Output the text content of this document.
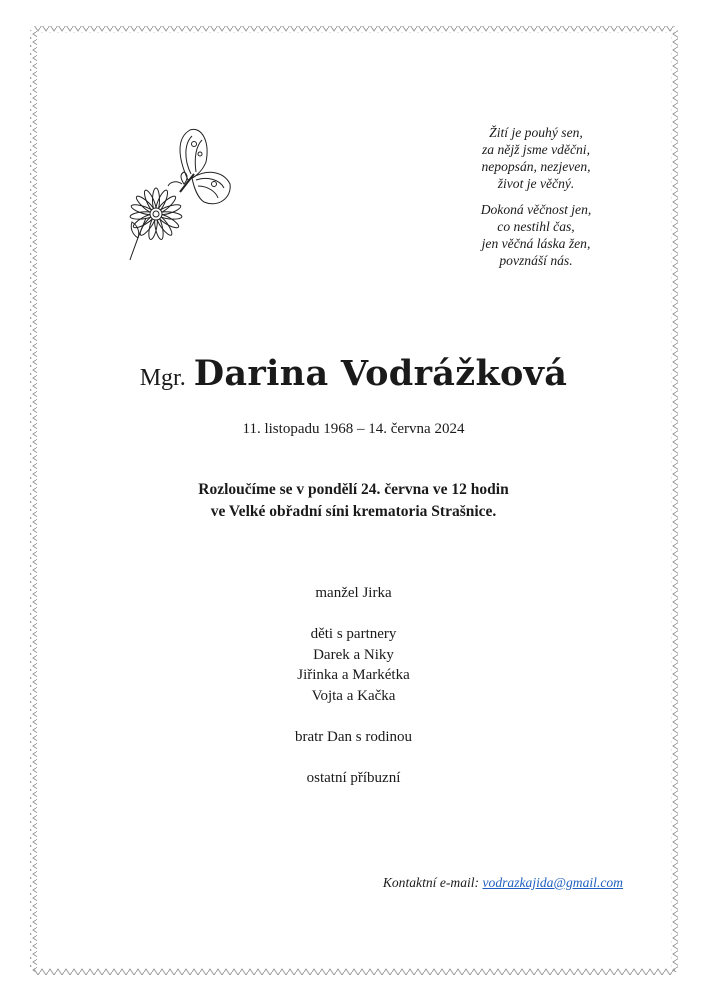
Žití je pouhý sen,
za nějž jsme vděčni,
nepopsán, nezjeven,
život je věčný.
Dokoná věčnost jen,
co nestihl čas,
jen věčná láska žen,
povznáší nás.
Mgr. Darina Vodrážková
11. listopadu 1968 – 14. června 2024
Rozloučíme se v pondělí 24. června ve 12 hodin
ve Velké obřadní síni krematoria Strašnice.
manžel Jirka
děti s partnery
Darek a Niky
Jiřinka a Markétka
Vojta a Kačka
bratr Dan s rodinou
ostatní příbuzní
Kontaktní e-mail: vodrazkajida@gmail.com
